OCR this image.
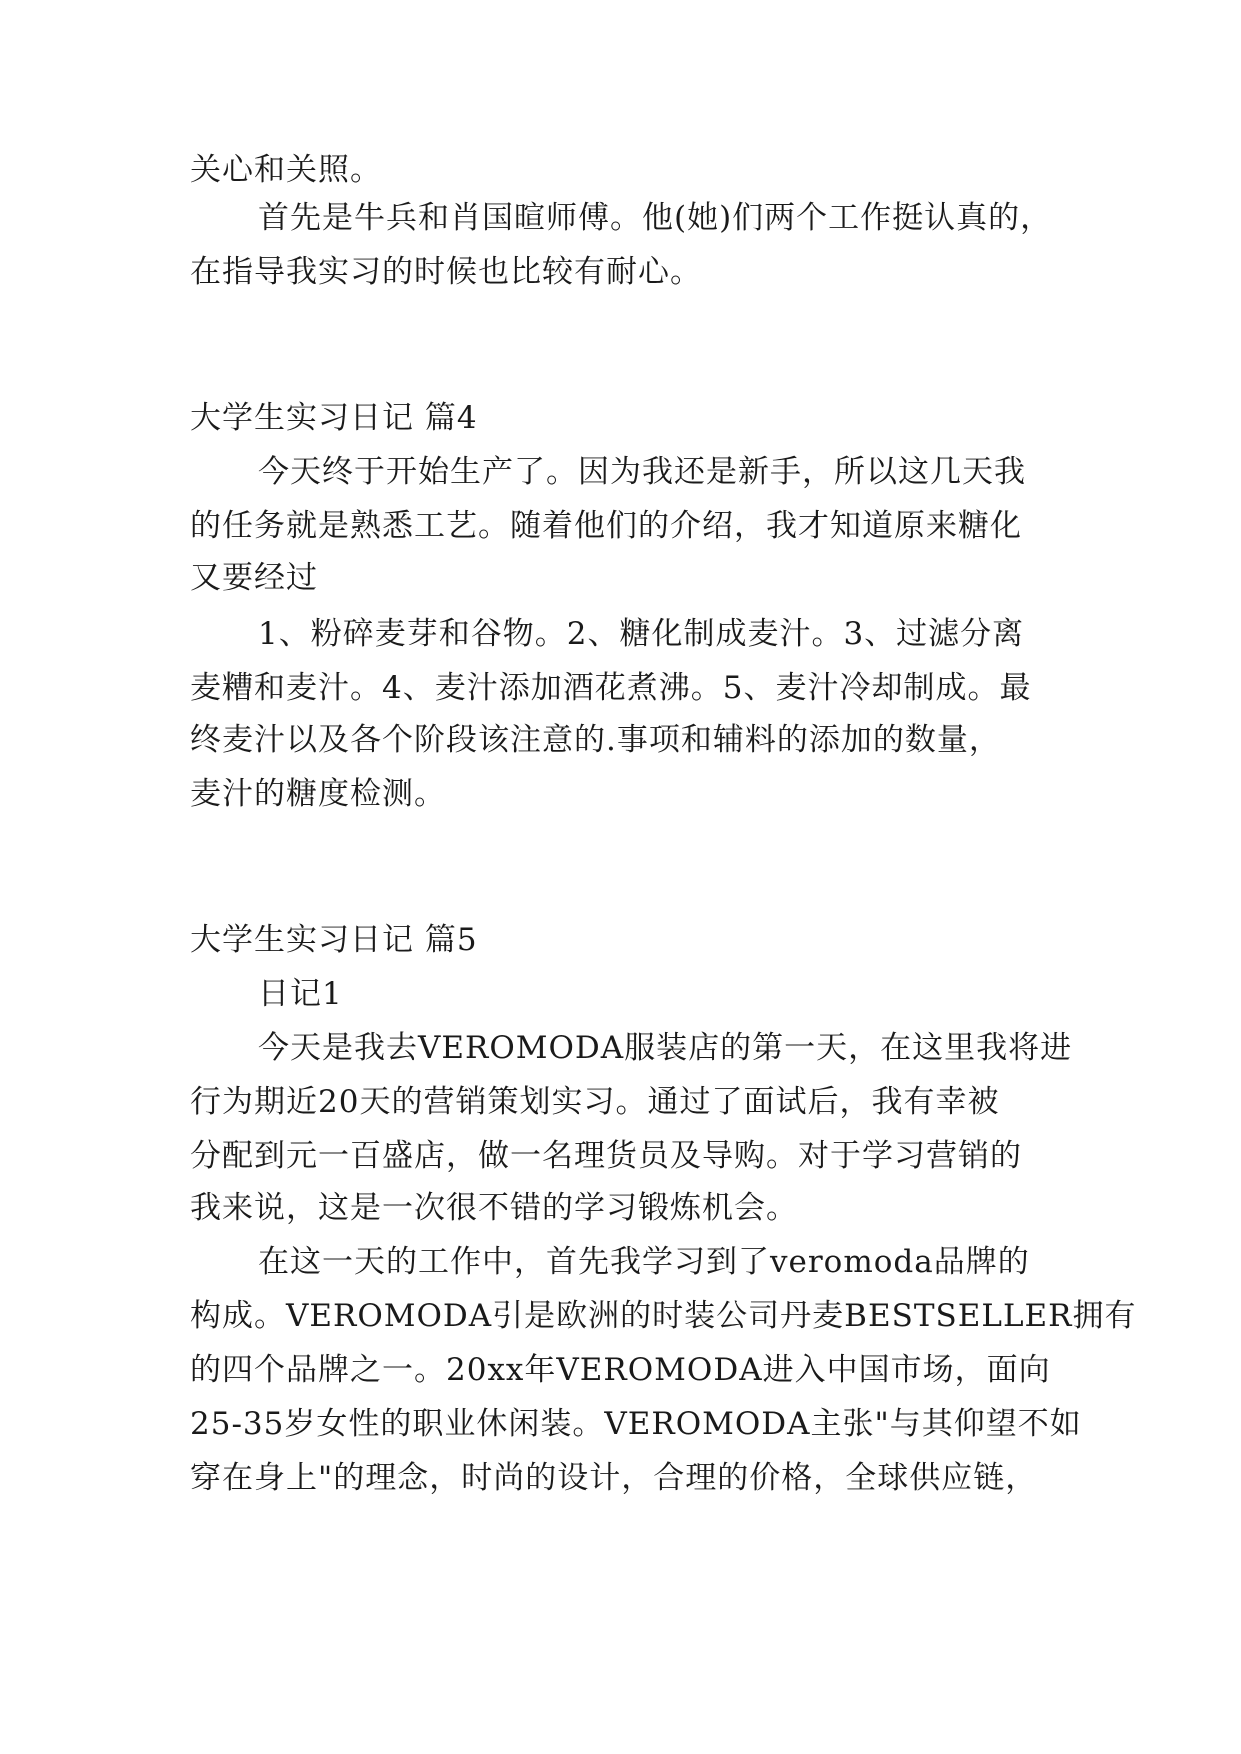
关心和关照。
首先是牛兵和肖国暄师傅。他(她)们两个工作挺认真的，
在指导我实习的时候也比较有耐心。
大学生实习日记 篇4
今天终于开始生产了。因为我还是新手，所以这几天我
的任务就是熟悉工艺。随着他们的介绍，我才知道原来糖化
又要经过
1、粉碎麦芽和谷物。2、糖化制成麦汁。3、过滤分离
麦糟和麦汁。4、麦汁添加酒花煮沸。5、麦汁冷却制成。最
终麦汁以及各个阶段该注意的.事项和辅料的添加的数量，
麦汁的糖度检测。
大学生实习日记 篇5
日记1
今天是我去VEROMODA服装店的第一天，在这里我将进
行为期近20天的营销策划实习。通过了面试后，我有幸被
分配到元一百盛店，做一名理货员及导购。对于学习营销的
我来说，这是一次很不错的学习锻炼机会。
在这一天的工作中，首先我学习到了veromoda品牌的
构成。VEROMODA引是欧洲的时装公司丹麦BESTSELLER拥有
的四个品牌之一。20xx年VEROMODA进入中国市场，面向
25-35岁女性的职业休闲装。VEROMODA主张"与其仰望不如
穿在身上"的理念，时尚的设计，合理的价格，全球供应链，
